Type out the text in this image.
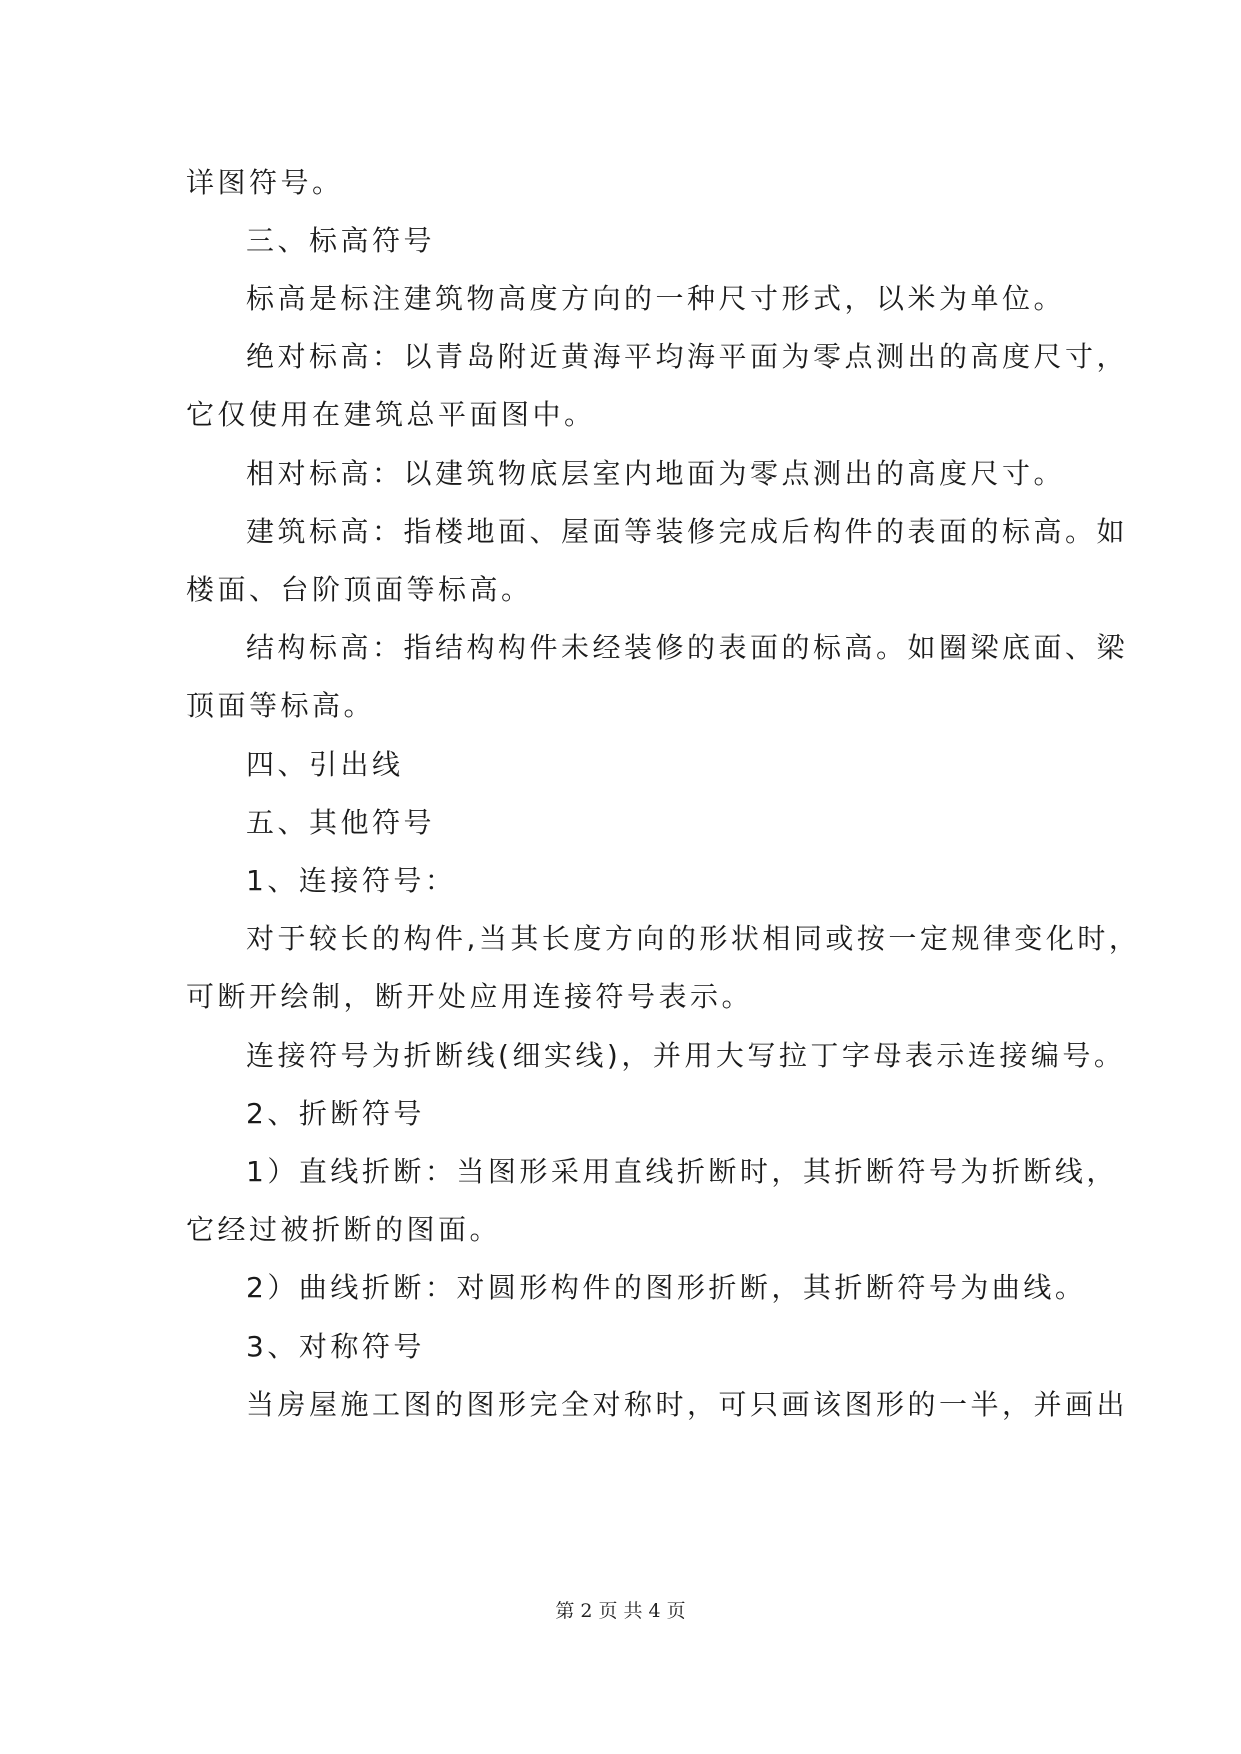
详图符号。
三、标高符号
标高是标注建筑物高度方向的一种尺寸形式，以米为单位。
绝对标高：以青岛附近黄海平均海平面为零点测出的高度尺寸，
它仅使用在建筑总平面图中。
相对标高：以建筑物底层室内地面为零点测出的高度尺寸。
建筑标高：指楼地面、屋面等装修完成后构件的表面的标高。如
楼面、台阶顶面等标高。
结构标高：指结构构件未经装修的表面的标高。如圈梁底面、梁
顶面等标高。
四、引出线
五、其他符号
1、连接符号：
对于较长的构件,当其长度方向的形状相同或按一定规律变化时，
可断开绘制，断开处应用连接符号表示。
连接符号为折断线(细实线)，并用大写拉丁字母表示连接编号。
2、折断符号
1）直线折断：当图形采用直线折断时，其折断符号为折断线，
它经过被折断的图面。
2）曲线折断：对圆形构件的图形折断，其折断符号为曲线。
3、对称符号
当房屋施工图的图形完全对称时，可只画该图形的一半，并画出
第 2 页 共 4 页
